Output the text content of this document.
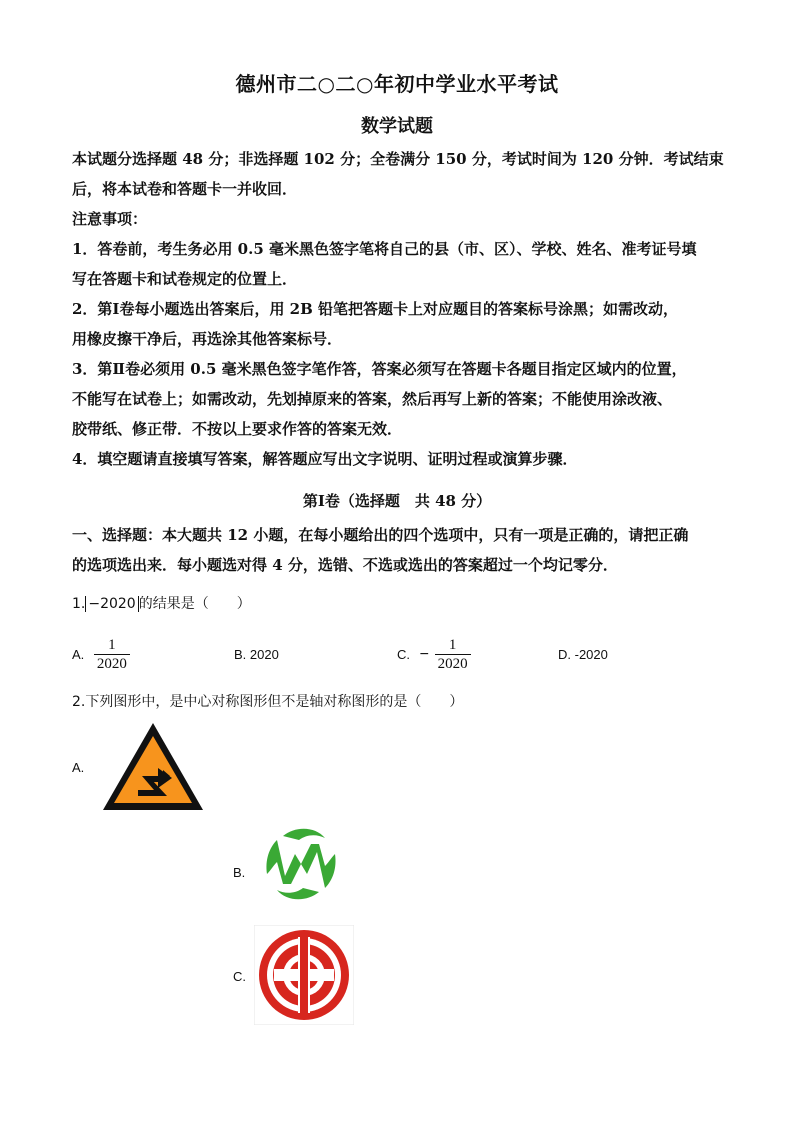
德州市二○二○年初中学业水平考试
数学试题
本试题分选择题 48 分；非选择题 102 分；全卷满分 150 分，考试时间为 120 分钟．考试结束
后，将本试卷和答题卡一并收回．
注意事项：
1．答卷前，考生务必用 0.5 毫米黑色签字笔将自己的县（市、区）、学校、姓名、准考证号填
写在答题卡和试卷规定的位置上．
2．第Ⅰ卷每小题选出答案后，用 2B 铅笔把答题卡上对应题目的答案标号涂黑；如需改动，
用橡皮擦干净后，再选涂其他答案标号．
3．第Ⅱ卷必须用 0.5 毫米黑色签字笔作答，答案必须写在答题卡各题目指定区域内的位置，
不能写在试卷上；如需改动，先划掉原来的答案，然后再写上新的答案；不能使用涂改液、
胶带纸、修正带．不按以上要求作答的答案无效．
4．填空题请直接填写答案，解答题应写出文字说明、证明过程或演算步骤．
第Ⅰ卷（选择题　共 48 分）
一、选择题：本大题共 12 小题，在每小题给出的四个选项中，只有一项是正确的，请把正确
的选项选出来．每小题选对得 4 分，选错、不选或选出的答案超过一个均记零分．
1. −2020 的结果是（　　）
A. $\frac{1}{2020}$	B. 2020	C. − $\frac{1}{2020}$	D. -2020
2.下列图形中，是中心对称图形但不是轴对称图形的是（　　）
A.
B.
C.
